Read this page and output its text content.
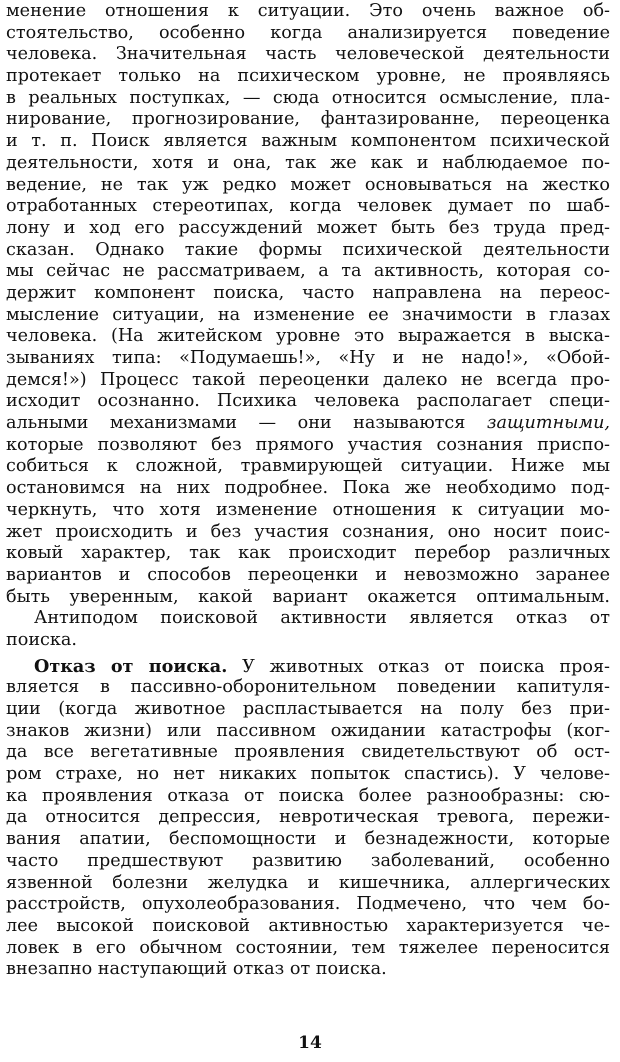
менение отношения к ситуации. Это очень важное об-
стоятельство, особенно когда анализируется поведение
человека. Значительная часть человеческой деятельности
протекает только на психическом уровне, не проявляясь
в реальных поступках, — сюда относится осмысление, пла-
нирование, прогнозирование, фантазированне, переоценка
и т. п. Поиск является важным компонентом психической
деятельности, хотя и она, так же как и наблюдаемое по-
ведение, не так уж редко может основываться на жестко
отработанных стереотипах, когда человек думает по шаб-
лону и ход его рассуждений может быть без труда пред-
сказан. Однако такие формы психической деятельности
мы сейчас не рассматриваем, а та активность, которая со-
держит компонент поиска, часто направлена на переос-
мысление ситуации, на изменение ее значимости в глазах
человека. (На житейском уровне это выражается в выска-
зываниях типа: «Подумаешь!», «Ну и не надо!», «Обой-
демся!») Процесс такой переоценки далеко не всегда про-
исходит осознанно. Психика человека располагает специ-
альными механизмами — они называются защитными,
которые позволяют без прямого участия сознания приспо-
собиться к сложной, травмирующей ситуации. Ниже мы
остановимся на них подробнее. Пока же необходимо под-
черкнуть, что хотя изменение отношения к ситуации мо-
жет происходить и без участия сознания, оно носит поис-
ковый характер, так как происходит перебор различных
вариантов и способов переоценки и невозможно заранее
быть уверенным, какой вариант окажется оптимальным.
Антиподом поисковой активности является отказ от
поиска.
Отказ от поиска. У животных отказ от поиска проя-
вляется в пассивно-оборонительном поведении капитуля-
ции (когда животное распластывается на полу без при-
знаков жизни) или пассивном ожидании катастрофы (ког-
да все вегетативные проявления свидетельствуют об ост-
ром страхе, но нет никаких попыток спастись). У челове-
ка проявления отказа от поиска более разнообразны: сю-
да относится депрессия, невротическая тревога, пережи-
вания апатии, беспомощности и безнадежности, которые
часто предшествуют развитию заболеваний, особенно
язвенной болезни желудка и кишечника, аллергических
расстройств, опухолеобразования. Подмечено, что чем бо-
лее высокой поисковой активностью характеризуется че-
ловек в его обычном состоянии, тем тяжелее переносится
внезапно наступающий отказ от поиска.
14
